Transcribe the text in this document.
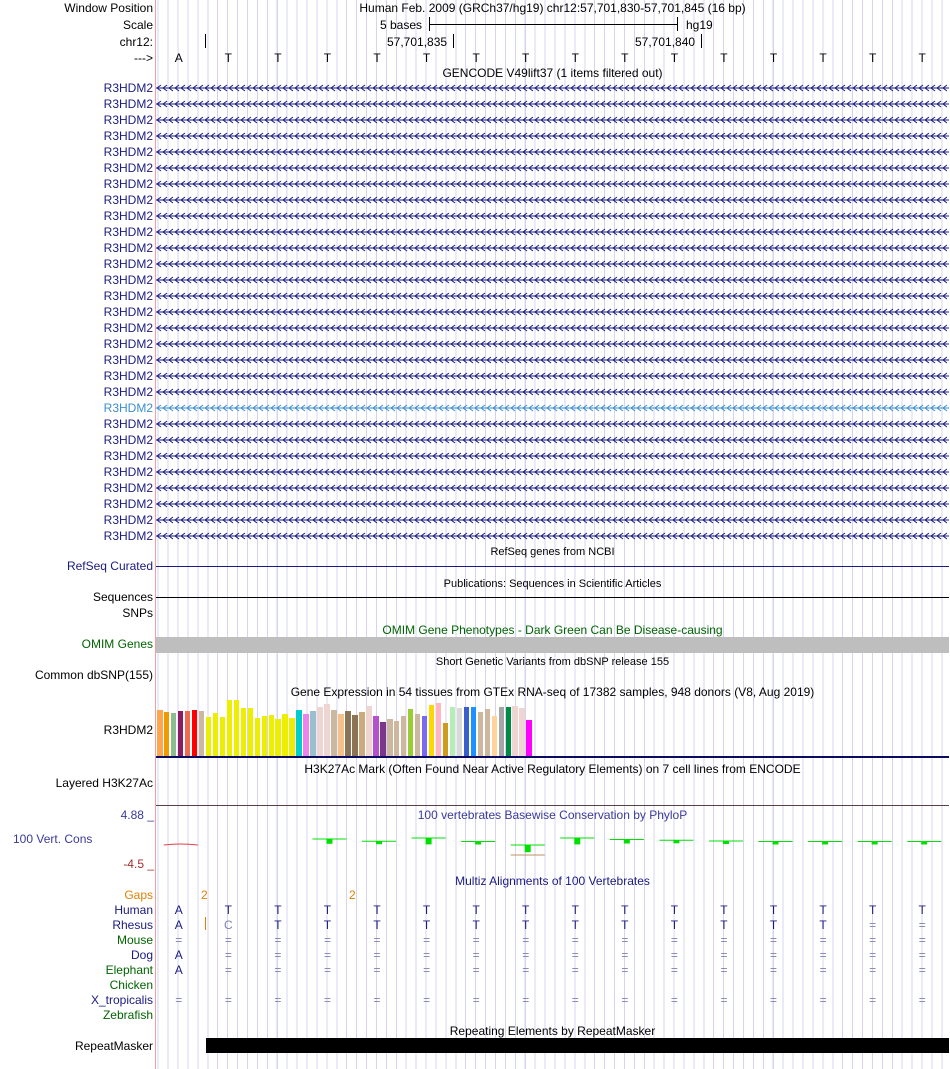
Window Position	Human Feb. 2009 (GRCh37/hg19) chr12:57,701,830-57,701,845 (16 bp)
Scale	5 bases	hg19
chr12:	57,701,835	57,701,840
--->
GENCODE V49lift37 (1 items filtered out)
RefSeq genes from NCBI
RefSeq Curated
Publications: Sequences in Scientific Articles
Sequences
SNPs
OMIM Gene Phenotypes - Dark Green Can Be Disease-causing
OMIM Genes
Short Genetic Variants from dbSNP release 155
Common dbSNP(155)
Gene Expression in 54 tissues from GTEx RNA-seq of 17382 samples, 948 donors (V8, Aug 2019)
R3HDM2
H3K27Ac Mark (Often Found Near Active Regulatory Elements) on 7 cell lines from ENCODE
Layered H3K27Ac
100 vertebrates Basewise Conservation by PhyloP
4.88 _
100 Vert. Cons
-4.5 _
Multiz Alignments of 100 Vertebrates
Gaps	2	2
Repeating Elements by RepeatMasker
RepeatMasker
A	T	T	T	T	T	T	T	T	T	T	T	T	T	T	T
R3HDM2
R3HDM2
R3HDM2
R3HDM2
R3HDM2
R3HDM2
R3HDM2
R3HDM2
R3HDM2
R3HDM2
R3HDM2
R3HDM2
R3HDM2
R3HDM2
R3HDM2
R3HDM2
R3HDM2
R3HDM2
R3HDM2
R3HDM2
R3HDM2
R3HDM2
R3HDM2
R3HDM2
R3HDM2
R3HDM2
R3HDM2
R3HDM2
R3HDM2
Human	A	T	T	T	T	T	T	T	T	T	T	T	T	T	T	T
Rhesus	A	C	T	T	T	T	T	T	T	T	T	T	T	T	=	=
Mouse	=	=	=	=	=	=	=	=	=	=	=	=	=	=	=	=
Dog	A	=	=	=	=	=	=	=	=	=	=	=	=	=	=	=
Elephant	A	=	=	=	=	=	=	=	=	=	=	=	=	=	=	=
Chicken
X_tropicalis	=	=	=	=	=	=	=	=	=	=	=	=	=	=	=	=
Zebrafish
